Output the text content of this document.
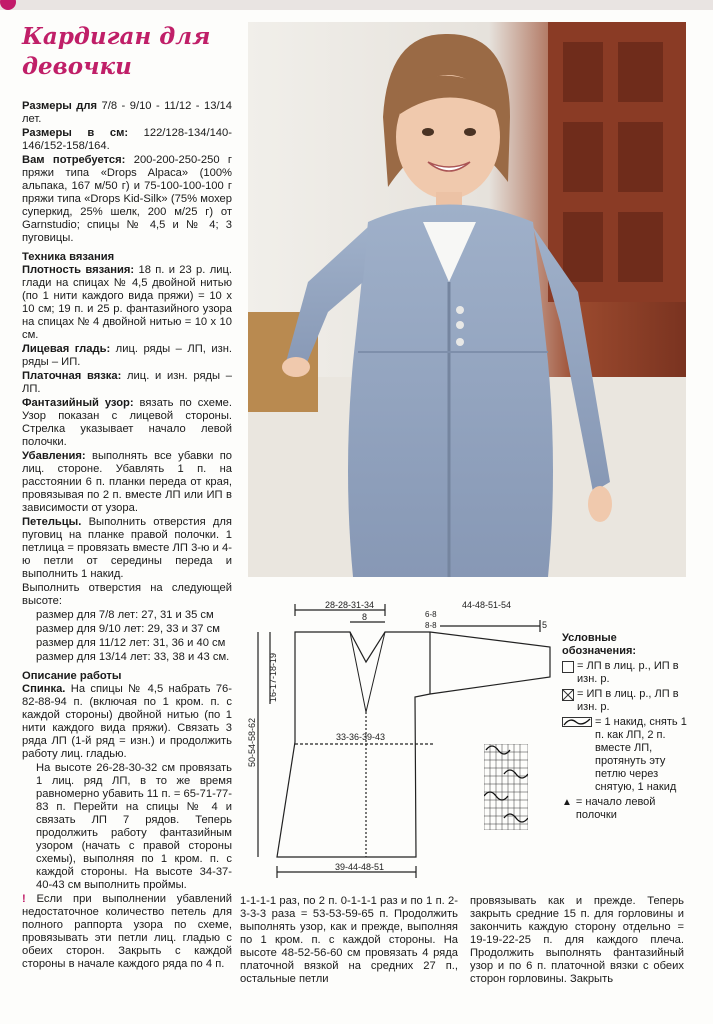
Кардиган для
девочки

Размеры для 7/8 - 9/10 - 11/12 - 13/14 лет.

Размеры в см: 122/128-134/140-146/152-158/164.

Вам потребуется: 200-200-250-250 г пряжи типа «Drops Alpaca» (100% альпака, 167 м/50 г) и 75-100-100-100 г пряжи типа «Drops Kid-Silk» (75% мохер суперкид, 25% шелк, 200 м/25 г) от Garnstudio; спицы № 4,5 и № 4; 3 пуговицы.

Техника вязания

Плотность вязания: 18 п. и 23 р. лиц. глади на спицах № 4,5 двойной нитью (по 1 нити каждого вида пряжи) = 10 х 10 см; 19 п. и 25 р. фантазийного узора на спицах № 4 двойной нитью = 10 х 10 см.

Лицевая гладь: лиц. ряды – ЛП, изн. ряды – ИП.

Платочная вязка: лиц. и изн. ряды – ЛП.

Фантазийный узор: вязать по схеме. Узор показан с лицевой стороны. Стрелка указывает начало левой полочки.

Убавления: выполнять все убавки по лиц. стороне. Убавлять 1 п. на расстоянии 6 п. планки переда от края, провязывая по 2 п. вместе ЛП или ИП в зависимости от узора.

Петельцы. Выполнить отверстия для пуговиц на планке правой полочки. 1 петлица = провязать вместе ЛП 3-ю и 4-ю петли от середины переда и выполнить 1 накид.

Выполнить отверстия на следующей высоте:

размер для 7/8 лет: 27, 31 и 35 см

размер для 9/10 лет: 29, 33 и 37 см

размер для 11/12 лет: 31, 36 и 40 см

размер для 13/14 лет: 33, 38 и 43 см.

Описание работы

Спинка. На спицы № 4,5 набрать 76-82-88-94 п. (включая по 1 кром. п. с каждой стороны) двойной нитью (по 1 нити каждого вида пряжи). Связать 3 ряда ЛП (1-й ряд = изн.) и продолжить работу лиц. гладью.

На высоте 26-28-30-32 см провязать 1 лиц. ряд ЛП, в то же время равномерно убавить 11 п. = 65-71-77-83 п. Перейти на спицы № 4 и связать ЛП 7 рядов. Теперь продолжить работу фантазийным узором (начать с правой стороны схемы), выполняя по 1 кром. п. с каждой стороны. На высоте 34-37-40-43 см выполнить проймы.

! Если при выполнении убавлений недостаточное количество петель для полного раппорта узора по схеме, провязывать эти петли лиц. гладью с обеих сторон. Закрыть с каждой стороны в начале каждого ряда по 4 п.

28-28-31-34
8	6-8
8-8
44-48-51-54
5
33-36-39-43
39-44-48-51
16-17-18-19
50-54-58-62
Условные обозначения:
= ЛП в лиц. р., ИП в изн. р.
= ИП в лиц. р., ЛП в изн. р.
= 1 накид, снять 1 п. как ЛП, 2 п. вместе ЛП, протянуть эту петлю через снятую, 1 накид
▲ = начало левой полочки

1-1-1-1 раз, по 2 п. 0-1-1-1 раз и по 1 п. 2-3-3-3 раза = 53-53-59-65 п. Продолжить выполнять узор, как и прежде, выполняя по 1 кром. п. с каждой стороны. На высоте 48-52-56-60 см провязать 4 ряда платочной вязкой на средних 27 п., остальные петли

провязывать как и прежде. Теперь закрыть средние 15 п. для горловины и закончить каждую сторону отдельно = 19-19-22-25 п. для каждого плеча. Продолжить выполнять фантазийный узор и по 6 п. платочной вязки с обеих сторон горловины. Закрыть
